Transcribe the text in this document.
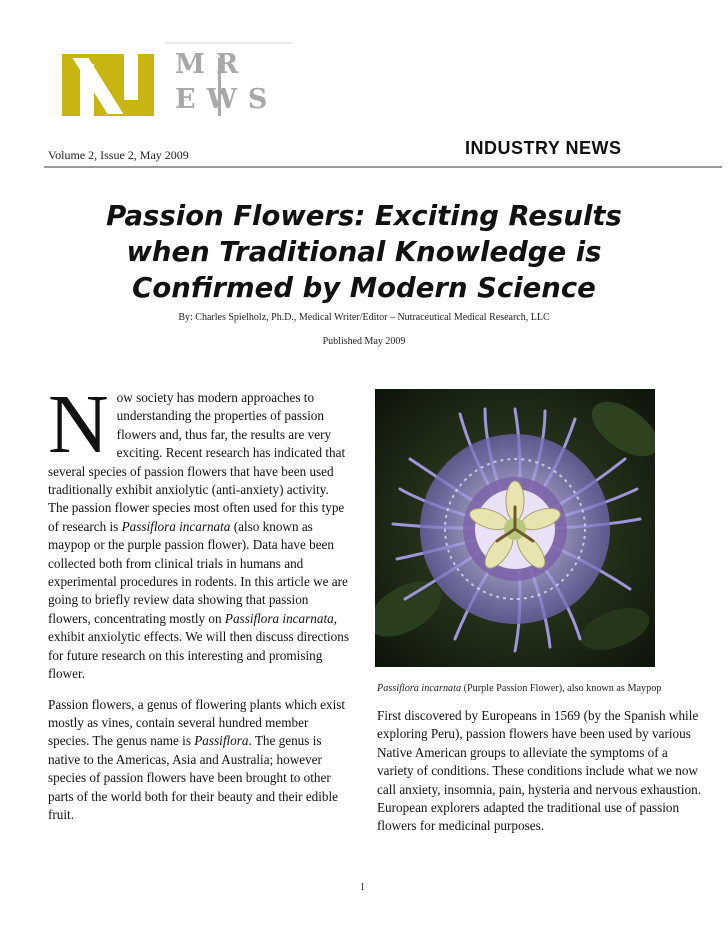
MR
EWS
Volume 2, Issue 2, May 2009	INDUSTRY NEWS
Passion Flowers: Exciting Results when Traditional Knowledge is Confirmed by Modern Science
By: Charles Spielholz, Ph.D., Medical Writer/Editor – Nutraceutical Medical Research, LLC
Published May 2009

Now society has modern approaches to understanding the properties of passion flowers and, thus far, the results are very exciting. Recent research has indicated that several species of passion flowers that have been used traditionally exhibit anxiolytic (anti-anxiety) activity. The passion flower species most often used for this type of research is Passiflora incarnata (also known as maypop or the purple passion flower). Data have been collected both from clinical trials in humans and experimental procedures in rodents. In this article we are going to briefly review data showing that passion flowers, concentrating mostly on Passiflora incarnata, exhibit anxiolytic effects. We will then discuss directions for future research on this interesting and promising flower.

Passion flowers, a genus of flowering plants which exist mostly as vines, contain several hundred member species. The genus name is Passiflora. The genus is native to the Americas, Asia and Australia; however species of passion flowers have been brought to other parts of the world both for their beauty and their edible fruit.

Passiflora incarnata (Purple Passion Flower), also known as Maypop

First discovered by Europeans in 1569 (by the Spanish while exploring Peru), passion flowers have been used by various Native American groups to alleviate the symptoms of a variety of conditions. These conditions include what we now call anxiety, insomnia, pain, hysteria and nervous exhaustion. European explorers adapted the traditional use of passion flowers for medicinal purposes.

1
